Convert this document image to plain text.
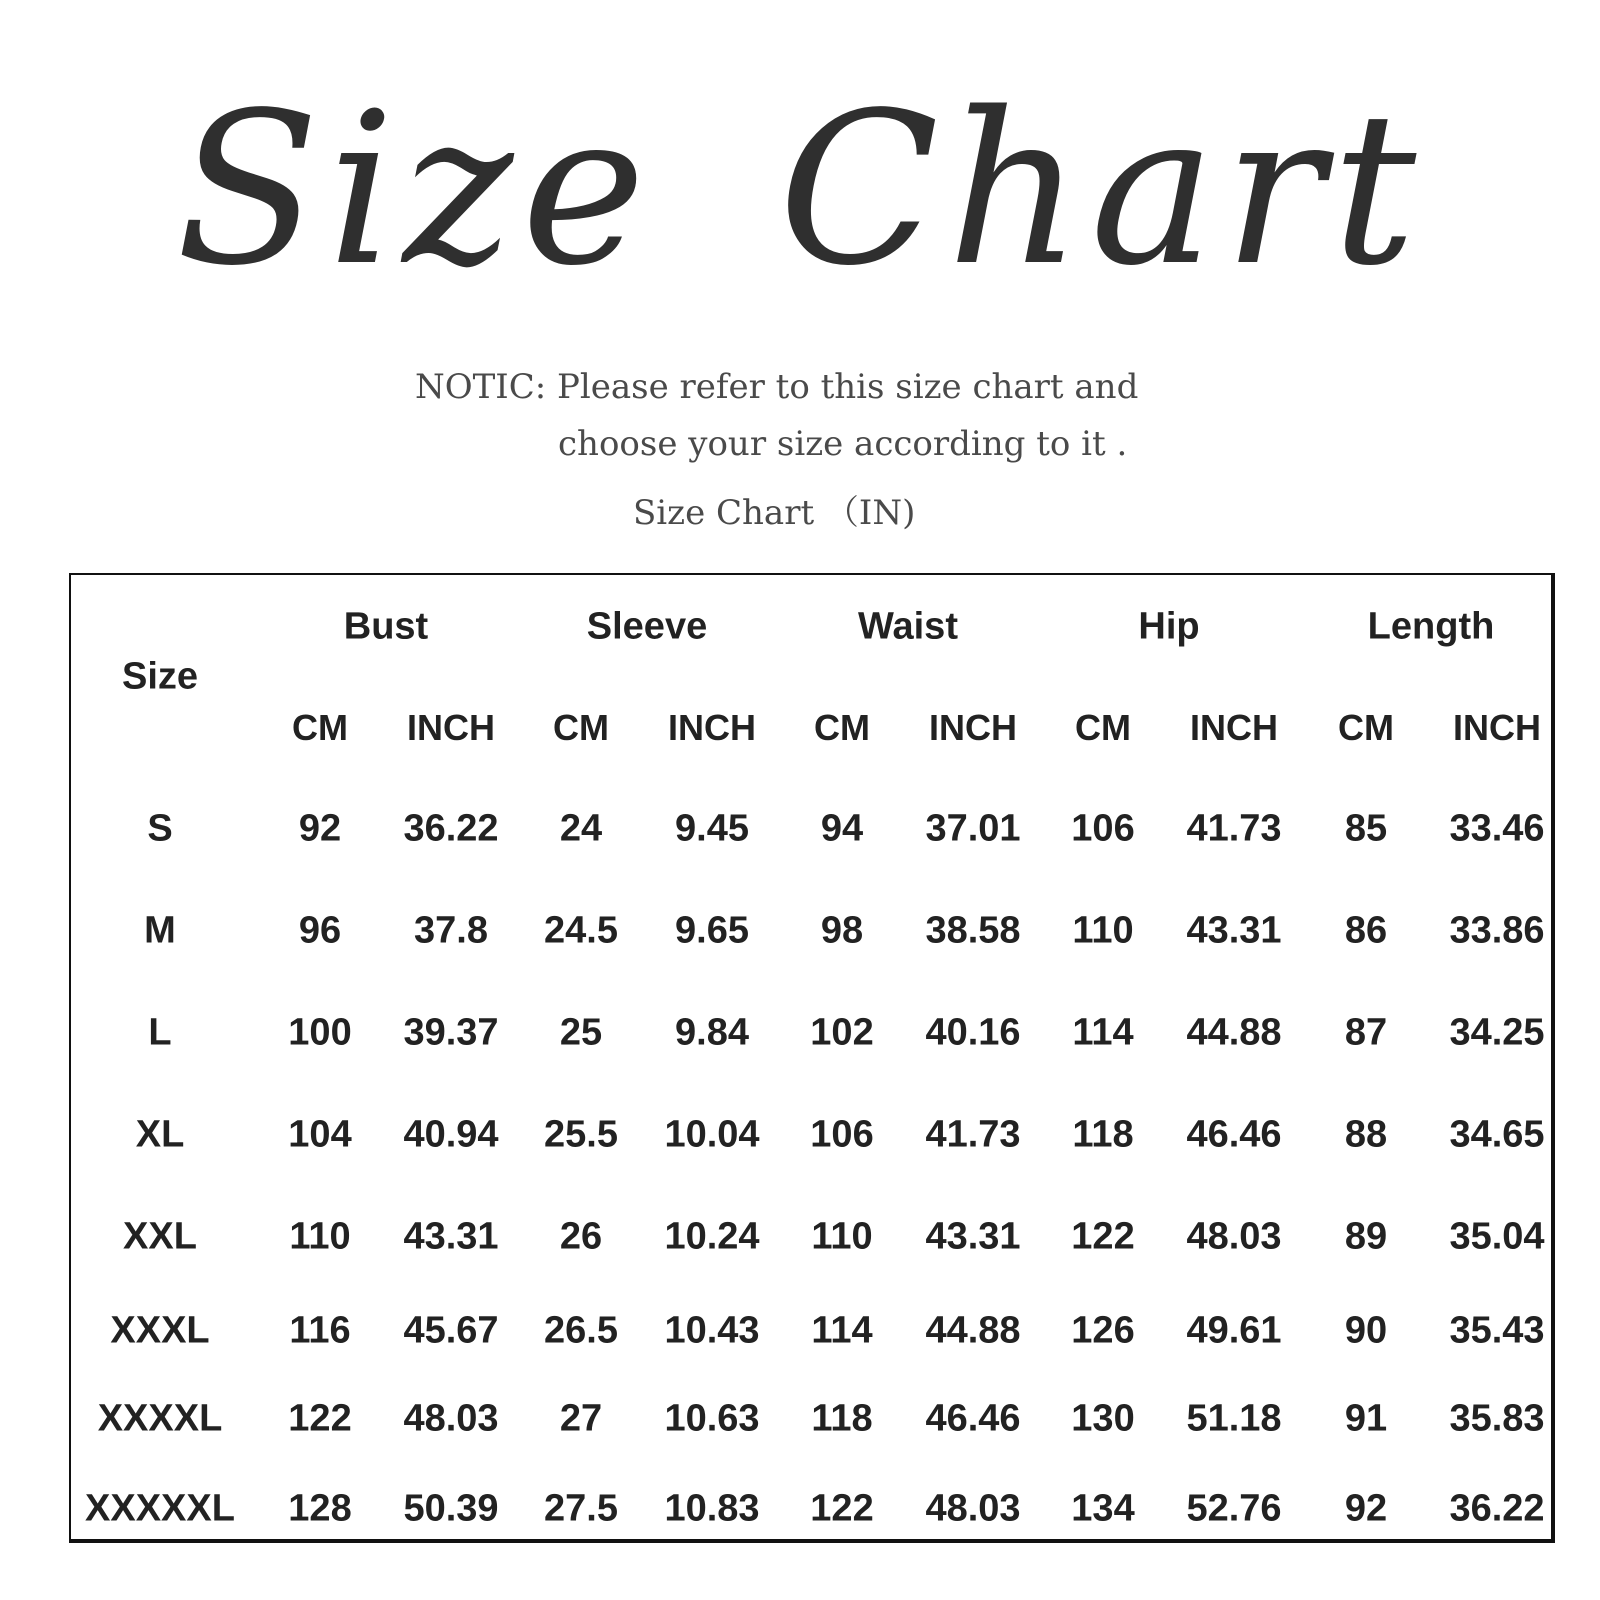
Size Chart
NOTIC: Please refer to this size chart and
choose your size according to it .
Size Chart （IN)
Size
Bust
CM INCH
Sleeve
CM INCH
Waist
CM INCH
Hip
CM INCH
Length
CM INCH
S	92 36.22 24 9.45 94 37.01 106 41.73 85 33.46
M	96 37.8 24.5 9.65 98 38.58 110 43.31 86 33.86
L	100 39.37 25 9.84 102 40.16 114 44.88 87 34.25
XL	104 40.94 25.5 10.04 106 41.73 118 46.46 88 34.65
XXL 110 43.31 26 10.24 110 43.31 122 48.03 89 35.04
XXXL 116 45.67 26.5 10.43 114 44.88 126 49.61 90 35.43
XXXXL 122 48.03 27 10.63 118 46.46 130 51.18 91 35.83
XXXXXL 128 50.39 27.5 10.83 122 48.03 134 52.76 92 36.22
